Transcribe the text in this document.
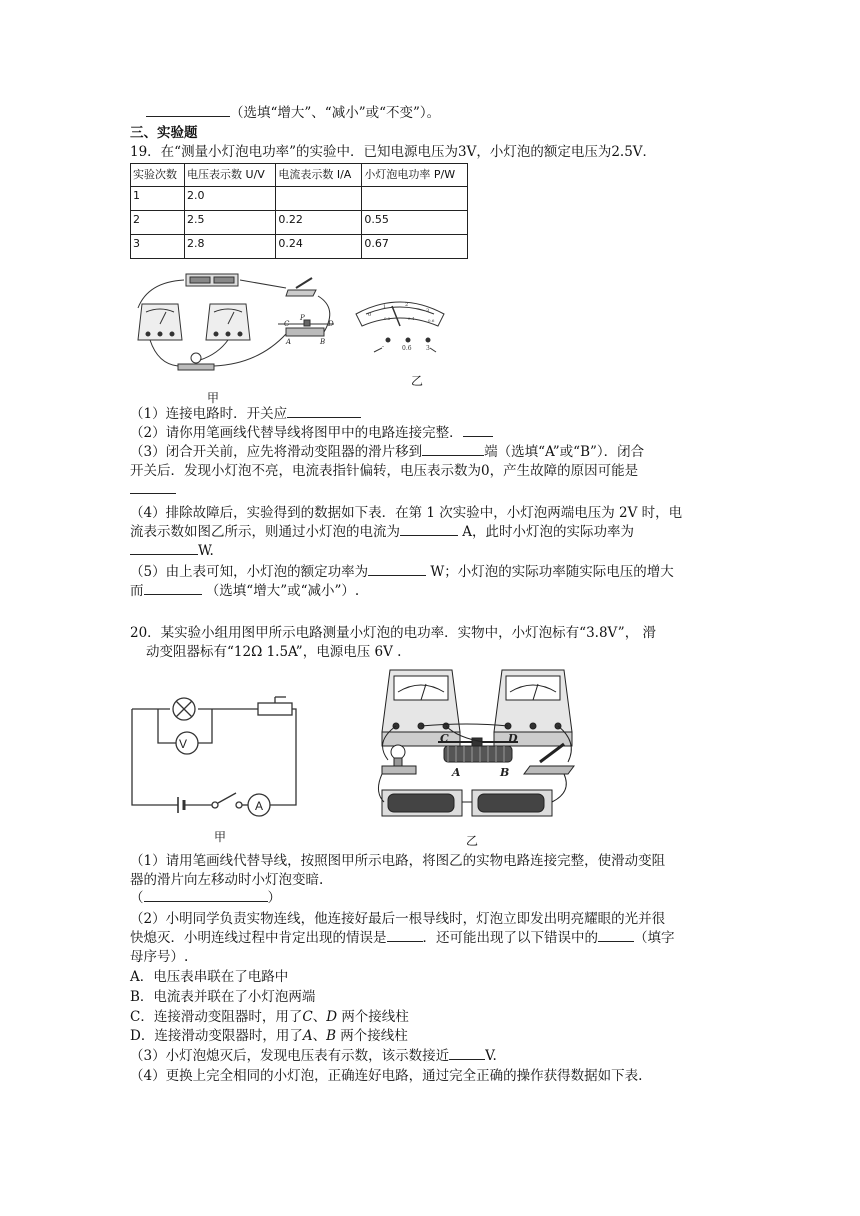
（选填“增大”、“减小”或“不变”）。
三、实验题
19．在“测量小灯泡电功率”的实验中．已知电源电压为3V，小灯泡的额定电压为2.5V．
实验次数	电压表示数 U/V	电流表示数 I/A	小灯泡电功率 P/W
1	2.0		
2	2.5	0.22	0.55
3	2.8	0.24	0.67
C
P
D
A	B
0
1	2
3
0.2	0.4	0.6
-	0.6 3
乙
甲
（1）连接电路时．开关应
（2）请你用笔画线代替导线将图甲中的电路连接完整．
（3）闭合开关前，应先将滑动变阻器的滑片移到	端（选填“A”或“B”）．闭合
开关后．发现小灯泡不亮，电流表指针偏转，电压表示数为0，产生故障的原因可能是
（4）排除故障后，实验得到的数据如下表．在第 1 次实验中，小灯泡两端电压为 2V 时，电
流表示数如图乙所示，则通过小灯泡的电流为	A，此时小灯泡的实际功率为
W.
（5）由上表可知，小灯泡的额定功率为	W；小灯泡的实际功率随实际电压的增大
而	（选填“增大”或“减小”）.
20．某实验小组用图甲所示电路测量小灯泡的电功率．实物中，小灯泡标有“3.8V”， 滑
动变阻器标有“12Ω 1.5A”，电源电压 6V .
V
A
甲
C	D
A	B
乙
（1）请用笔画线代替导线，按照图甲所示电路，将图乙的实物电路连接完整，使滑动变阻
器的滑片向左移动时小灯泡变暗.
（	）
（2）小明同学负责实物连线，他连接好最后一根导线时，灯泡立即发出明亮耀眼的光并很
快熄灭．小明连线过程中肯定出现的情误是	．还可能出现了以下错误中的	（填字
母序号）.
A．电压表串联在了电路中
B．电流表并联在了小灯泡两端
C．连接滑动变阻器时，用了C、D 两个接线柱
D．连接滑动变限器时，用了A、B 两个接线柱
（3）小灯泡熄灭后，发现电压表有示数，该示数接近	V.
（4）更换上完全相同的小灯泡，正确连好电路，通过完全正确的操作获得数据如下表.
